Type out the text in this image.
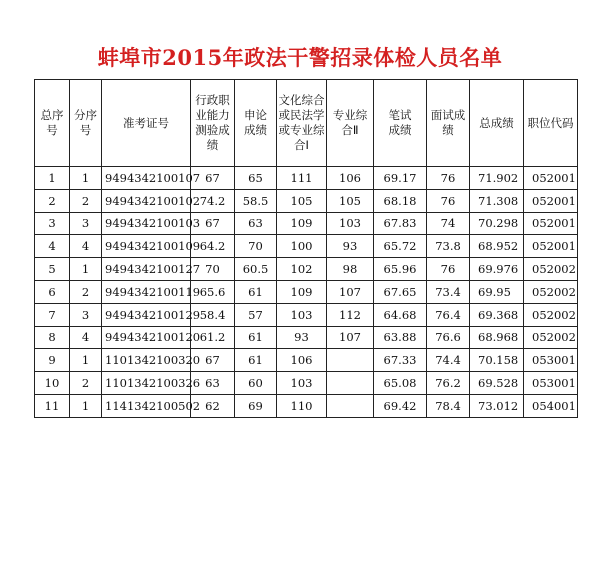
蚌埠市2015年政法干警招录体检人员名单
总序号	分序号	准考证号	行政职业能力测验成绩	申论成绩	文化综合或民法学或专业综合Ⅰ	专业综合Ⅱ	笔试成绩	面试成绩	总成绩	职位代码
1	1	9494342100107	67	65	111	106	69.17	76	71.902	052001
2	2	9494342100102	74.2	58.5	105	105	68.18	76	71.308	052001
3	3	9494342100103	67	63	109	103	67.83	74	70.298	052001
4	4	9494342100109	64.2	70	100	93	65.72	73.8	68.952	052001
5	1	9494342100127	70	60.5	102	98	65.96	76	69.976	052002
6	2	9494342100119	65.6	61	109	107	67.65	73.4	69.95	052002
7	3	9494342100129	58.4	57	103	112	64.68	76.4	69.368	052002
8	4	9494342100120	61.2	61	93	107	63.88	76.6	68.968	052002
9	1	1101342100320	67	61	106		67.33	74.4	70.158	053001
10	2	1101342100326	63	60	103		65.08	76.2	69.528	053001
11	1	1141342100502	62	69	110		69.42	78.4	73.012	054001
